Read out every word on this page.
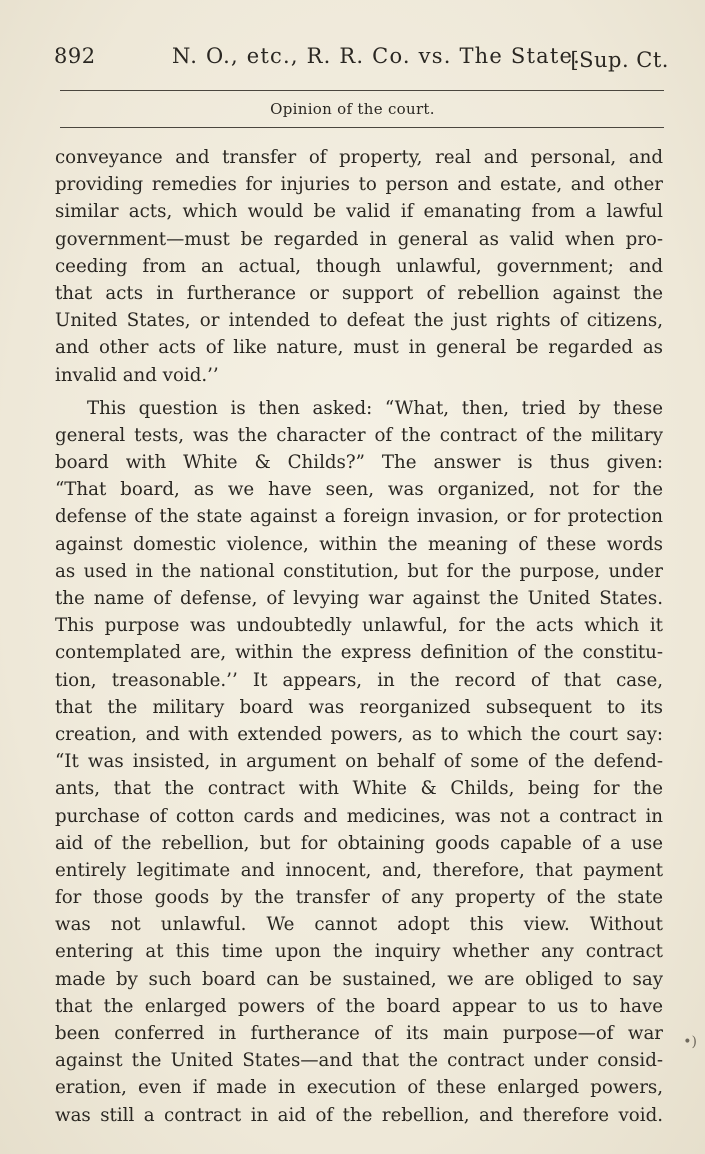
892	N. O., etc., R. R. Co. vs. The State.
[Sup. Ct.
Opinion of the court.
conveyance and transfer of property, real and personal, and
providing remedies for injuries to person and estate, and other
similar acts, which would be valid if emanating from a lawful
government—must be regarded in general as valid when pro-
ceeding from an actual, though unlawful, government; and
that acts in furtherance or support of rebellion against the
United States, or intended to defeat the just rights of citizens,
and other acts of like nature, must in general be regarded as
invalid and void.’’
This question is then asked: “What, then, tried by these
general tests, was the character of the contract of the military
board with White & Childs?” The answer is thus given:
“That board, as we have seen, was organized, not for the
defense of the state against a foreign invasion, or for protection
against domestic violence, within the meaning of these words
as used in the national constitution, but for the purpose, under
the name of defense, of levying war against the United States.
This purpose was undoubtedly unlawful, for the acts which it
contemplated are, within the express definition of the constitu-
tion, treasonable.’’ It appears, in the record of that case,
that the military board was reorganized subsequent to its
creation, and with extended powers, as to which the court say:
“It was insisted, in argument on behalf of some of the defend-
ants, that the contract with White & Childs, being for the
purchase of cotton cards and medicines, was not a contract in
aid of the rebellion, but for obtaining goods capable of a use
entirely legitimate and innocent, and, therefore, that payment
for those goods by the transfer of any property of the state
was not unlawful. We cannot adopt this view. Without
entering at this time upon the inquiry whether any contract
made by such board can be sustained, we are obliged to say
that the enlarged powers of the board appear to us to have
been conferred in furtherance of its main purpose—of war
against the United States—and that the contract under consid-
eration, even if made in execution of these enlarged powers,
was still a contract in aid of the rebellion, and therefore void.
•)
